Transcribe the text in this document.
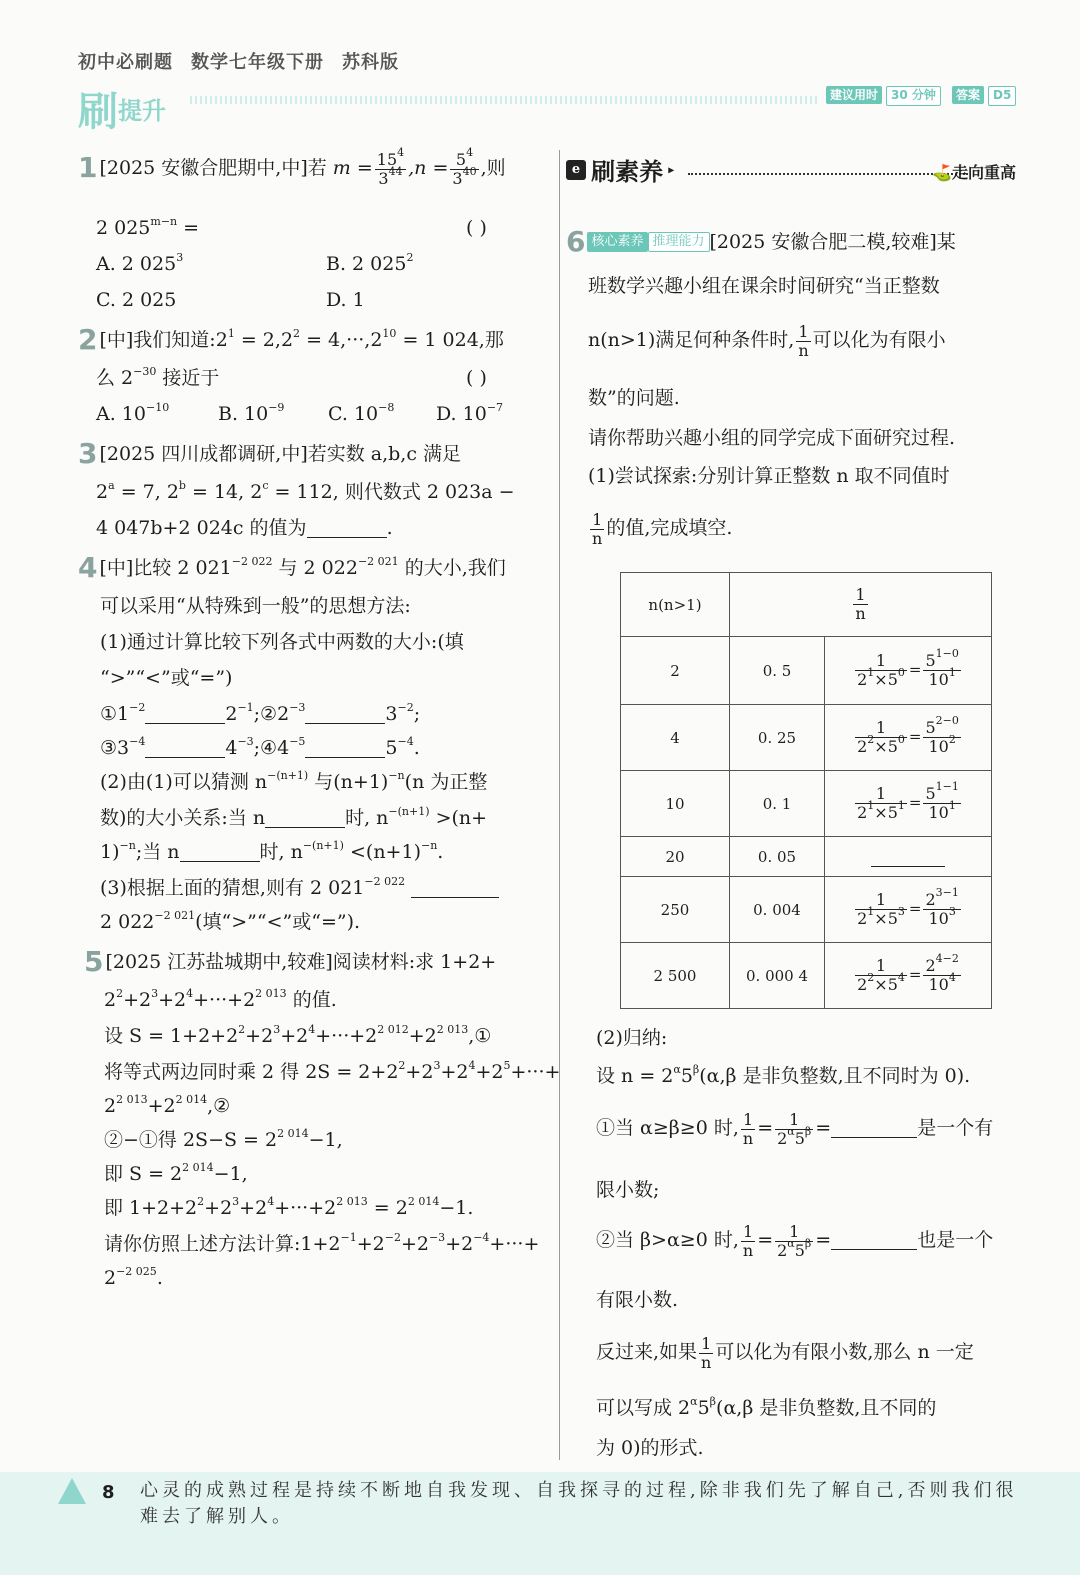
初中必刷题 数学七年级下册 苏科版
刷提升
建议用时	30 分钟	答案	D5
1 [2025 安徽合肥期中,中]若 $m = \frac{15^4}{3^{44}} ,n = \frac{5^4}{3^{40}}$ ,则
2 $025^{m-n}$ =	( )
A. 2 $025^3$	B. 2 $025^2$
C. 2 025	D. 1
2 [中]我们知道$:2^1 = 2,2^2 = 4,\cdot\cdot\cdot,2^{10} = 1$ 024,那
么 $2^{-30}$ 接近于	( )
A. $10^{-10}$	B. $10^{-9}$ C. $10^{-8}$ D. $10^{-7}$
3 [2025 四川成都调研,中]若实数 a,b,c 满足
$2^a = 7$, $2^b = 14$, $2^c = 112$, 则代数式 2 023a −
4 047b+2 024c 的值为	.
4 [中]比较 2 $021^{-2 022}$ 与 2 $022^{-2 021}$ 的大小,我们
可以采用“从特殊到一般”的思想方法:
(1)通过计算比较下列各式中两数的大小:(填
“>”“<”或“=”)
$①1^{-2}$	$2^{-1};②2^{-3}$	$3^{-2}$;
$③3^{-4}$	$4^{-3};④4^{-5}$	$5^{-4}$.
(2)由(1)可以猜测 $n^{-(n+1)}$ 与$(n+1)^{-n}(n$ 为正整
数)的大小关系:当 n	时, $n^{-(n+1)} >(n+$
1)$^{-n}$;当 n	时, $n^{-(n+1)} <(n+1)^{-n}$.
(3)根据上面的猜想,则有 2 $021^{-2 022}$
2 $022^{-2 021}$(填“>”“<”或“=”).
5 [2025 江苏盐城期中,较难]阅读材料:求 1+2+
$2^2+2^3+2^4+\cdot\cdot\cdot+2^{2 013}$ 的值.
设 $S = 1+2+2^2+2^3+2^4+\cdot\cdot\cdot+2^{2 012}+2^{2 013},①$
将等式两边同时乘 2 得 $2S = 2+2^2+2^3+2^4+2^5+\cdot\cdot\cdot+$
$2^{2 013}+2^{2 014},②$
②−①得 $2S-S = 2^{2 014}-1$,
即 $S = 2^{2 014}-1$,
即 $1+2+2^2+2^3+2^4+\cdot\cdot\cdot+2^{2 013} = 2^{2 014}-1$.
请你仿照上述方法计算$:1+2^{-1}+2^{-2}+2^{-3}+2^{-4}+\cdot\cdot\cdot+$
$2^{-2 025}$.
e 刷素养 ▸	⛳走向重高
6 核心素养 推理能力 [2025 安徽合肥二模,较难]某
班数学兴趣小组在课余时间研究“当正整数
n(n>1)满足何种条件时, $\frac{1}{n}$ 可以化为有限小
数”的问题.
请你帮助兴趣小组的同学完成下面研究过程.
(1)尝试探索:分别计算正整数 n 取不同值时
$\frac{1}{n}$ 的值,完成填空.
(2)归纳:
设 $n = 2^\alpha 5^\beta(\alpha,\beta$ 是非负整数,且不同时为 0).
①当 α≥β≥0 时, $\frac{1}{n} = \frac{1}{2^\alpha 5^\beta}$ =	是一个有
限小数;
②当 β>α≥0 时, $\frac{1}{n} = \frac{1}{2^\alpha 5^\beta}$ =	也是一个
有限小数.
反过来,如果 $\frac{1}{n}$ 可以化为有限小数,那么 n 一定
可以写成 $2^\alpha 5^\beta(\alpha,\beta$ 是非负整数,且不同的
为 0)的形式.
n(n>1)	$\frac{1}{n}$

2	0. 5	$\frac{1}{2^1\times 5^0} = \frac{5^{1-0}}{10^1}$

4	0. 25	$\frac{1}{2^2\times 5^0} = \frac{5^{2-0}}{10^2}$

10	0. 1	$\frac{1}{2^1\times 5^1} = \frac{5^{1-1}}{10^1}$

20	0. 05	
250	0. 004	$\frac{1}{2^1\times 5^3} = \frac{2^{3-1}}{10^3}$

2 500	0. 000 4	$\frac{1}{2^2\times 5^4} = \frac{2^{4-2}}{10^4}$
8 心灵的成熟过程是持续不断地自我发现、自我探寻的过程,除非我们先了解自己,否则我们很难去了解别人。
